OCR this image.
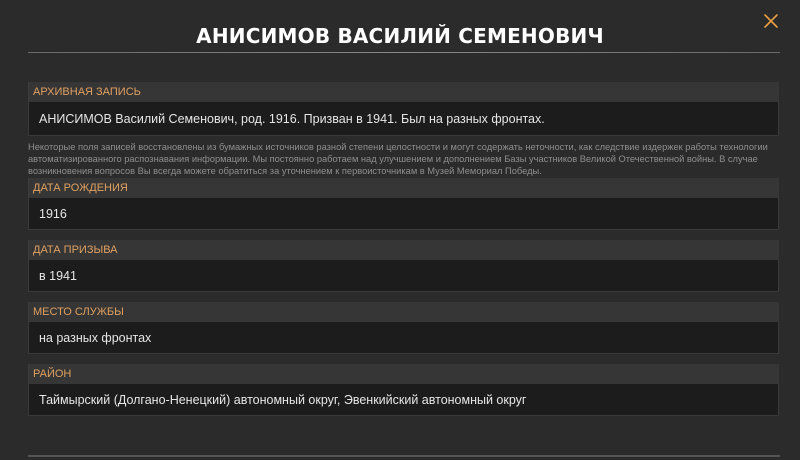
АНИСИМОВ ВАСИЛИЙ СЕМЕНОВИЧ
АРХИВНАЯ ЗАПИСЬ
АНИСИМОВ Василий Семенович, род. 1916. Призван в 1941. Был на разных фронтах.
Некоторые поля записей восстановлены из бумажных источников разной степени целостности и могут содержать неточности, как следствие издержек работы технологии автоматизированного распознавания информации. Мы постоянно работаем над улучшением и дополнением Базы участников Великой Отечественной войны. В случае возникновения вопросов Вы всегда можете обратиться за уточнением к первоисточникам в Музей Мемориал Победы.
ДАТА РОЖДЕНИЯ
1916
ДАТА ПРИЗЫВА
в 1941
МЕСТО СЛУЖБЫ
на разных фронтах
РАЙОН
Таймырский (Долгано-Ненецкий) автономный округ, Эвенкийский автономный округ
